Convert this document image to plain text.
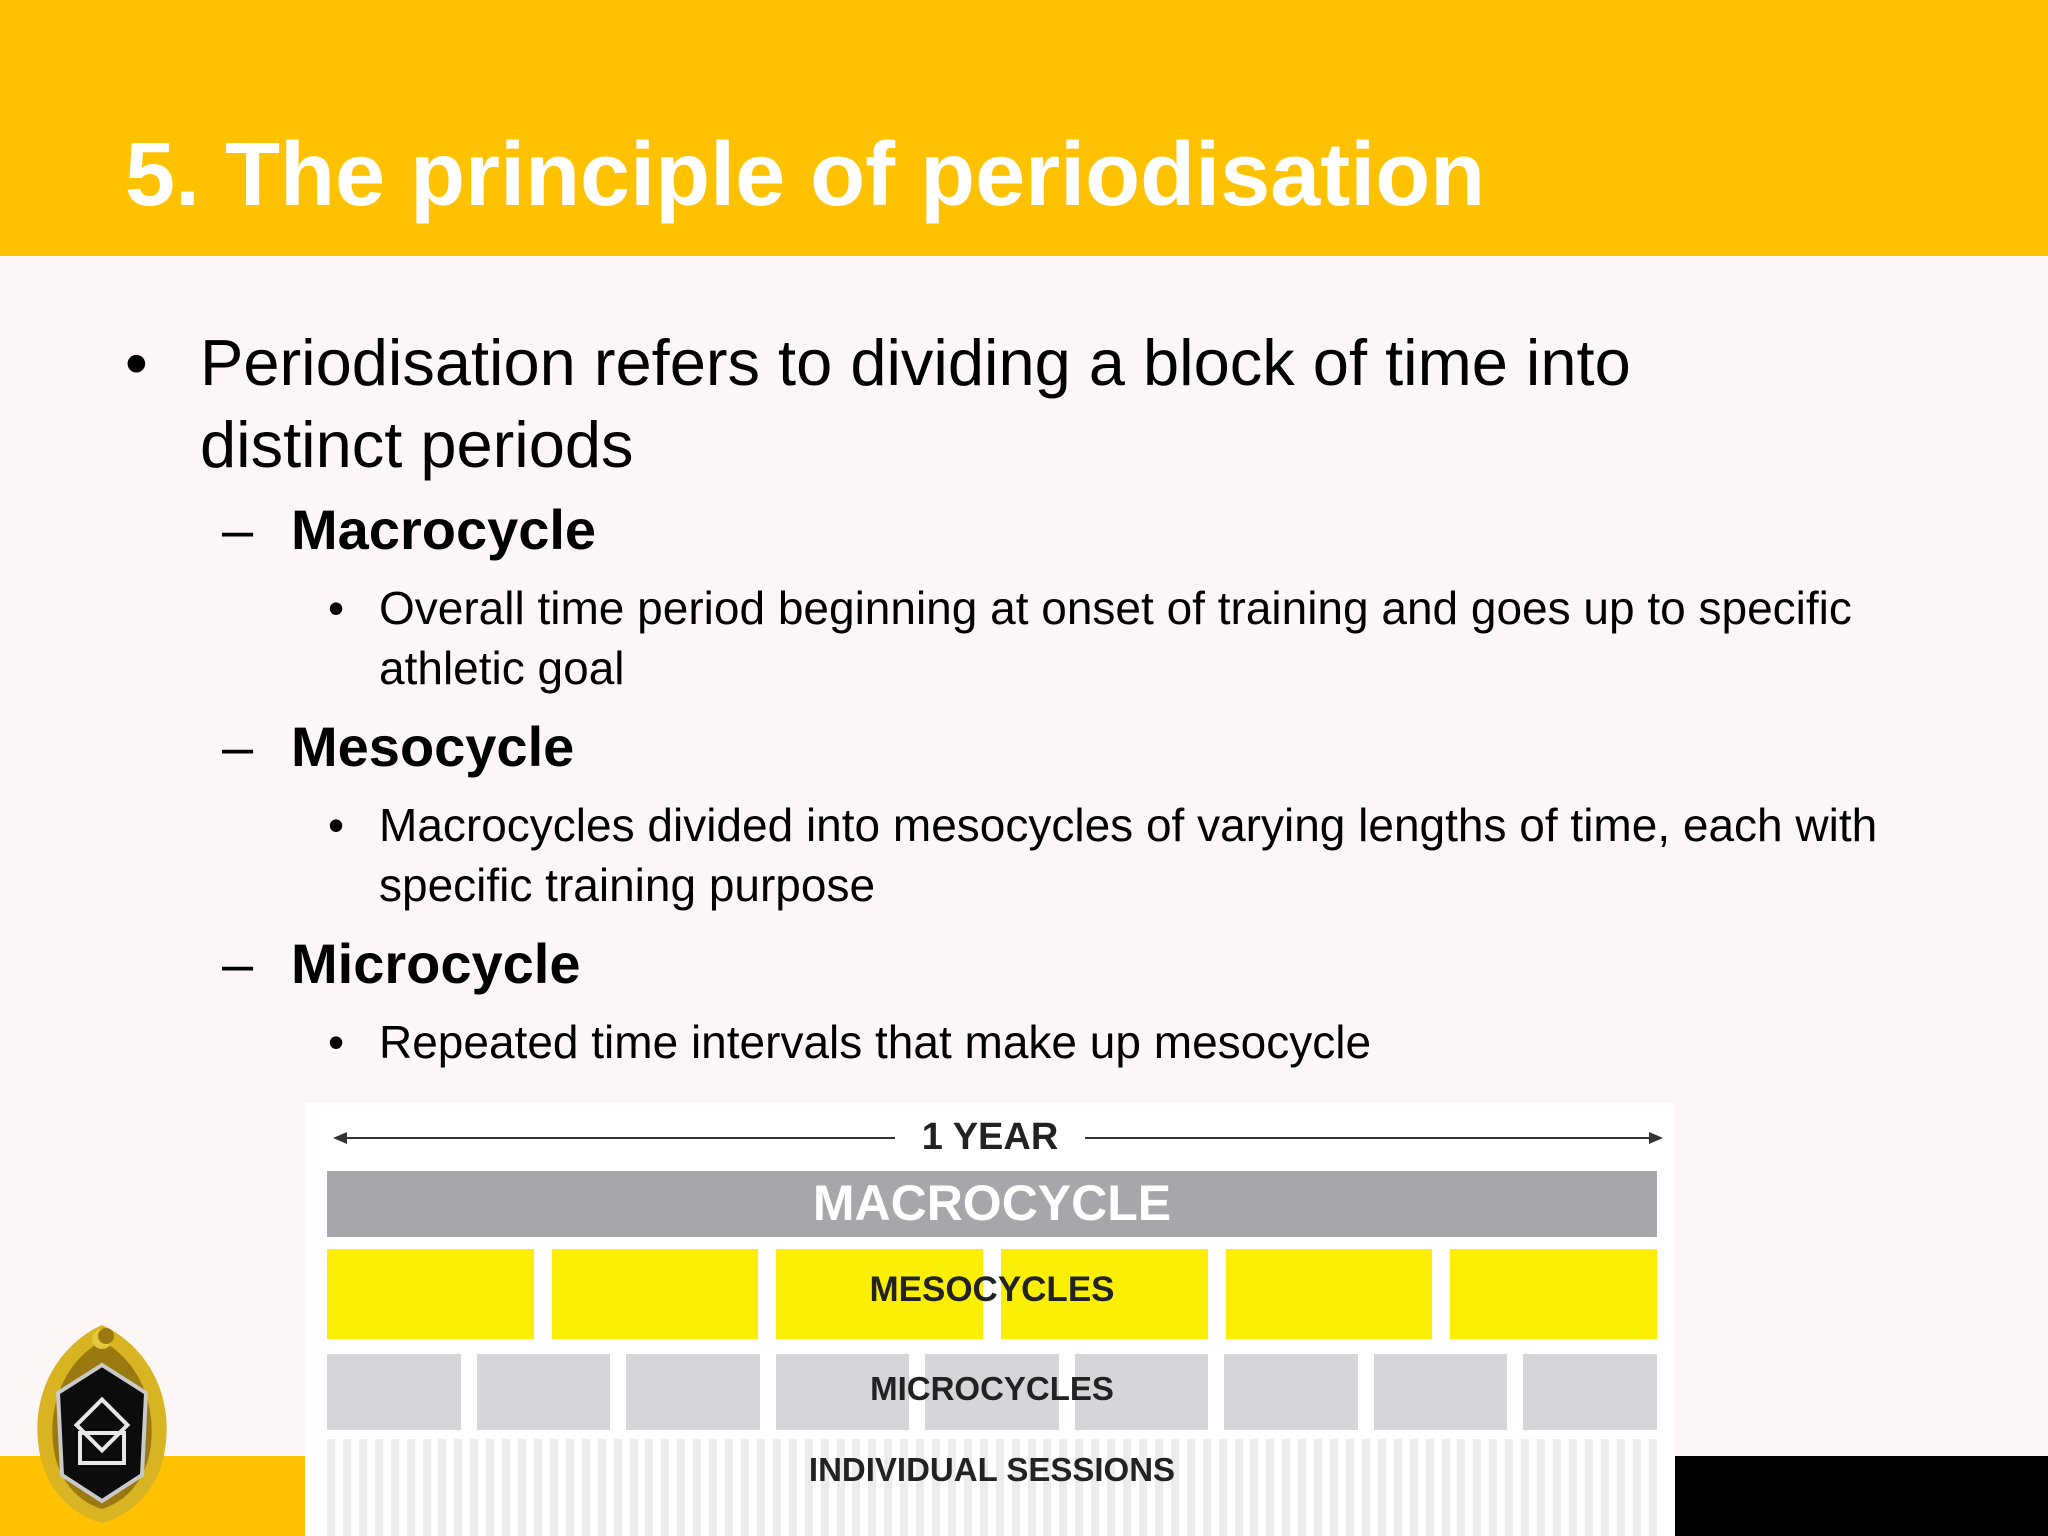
5. The principle of periodisation
• Periodisation refers to dividing a block of time into distinct periods
– Macrocycle
• Overall time period beginning at onset of training and goes up to specific athletic goal
– Mesocycle
• Macrocycles divided into mesocycles of varying lengths of time, each with specific training purpose
– Microcycle
• Repeated time intervals that make up mesocycle
1 YEAR
MACROCYCLE
MESOCYCLES
MICROCYCLES
INDIVIDUAL SESSIONS
